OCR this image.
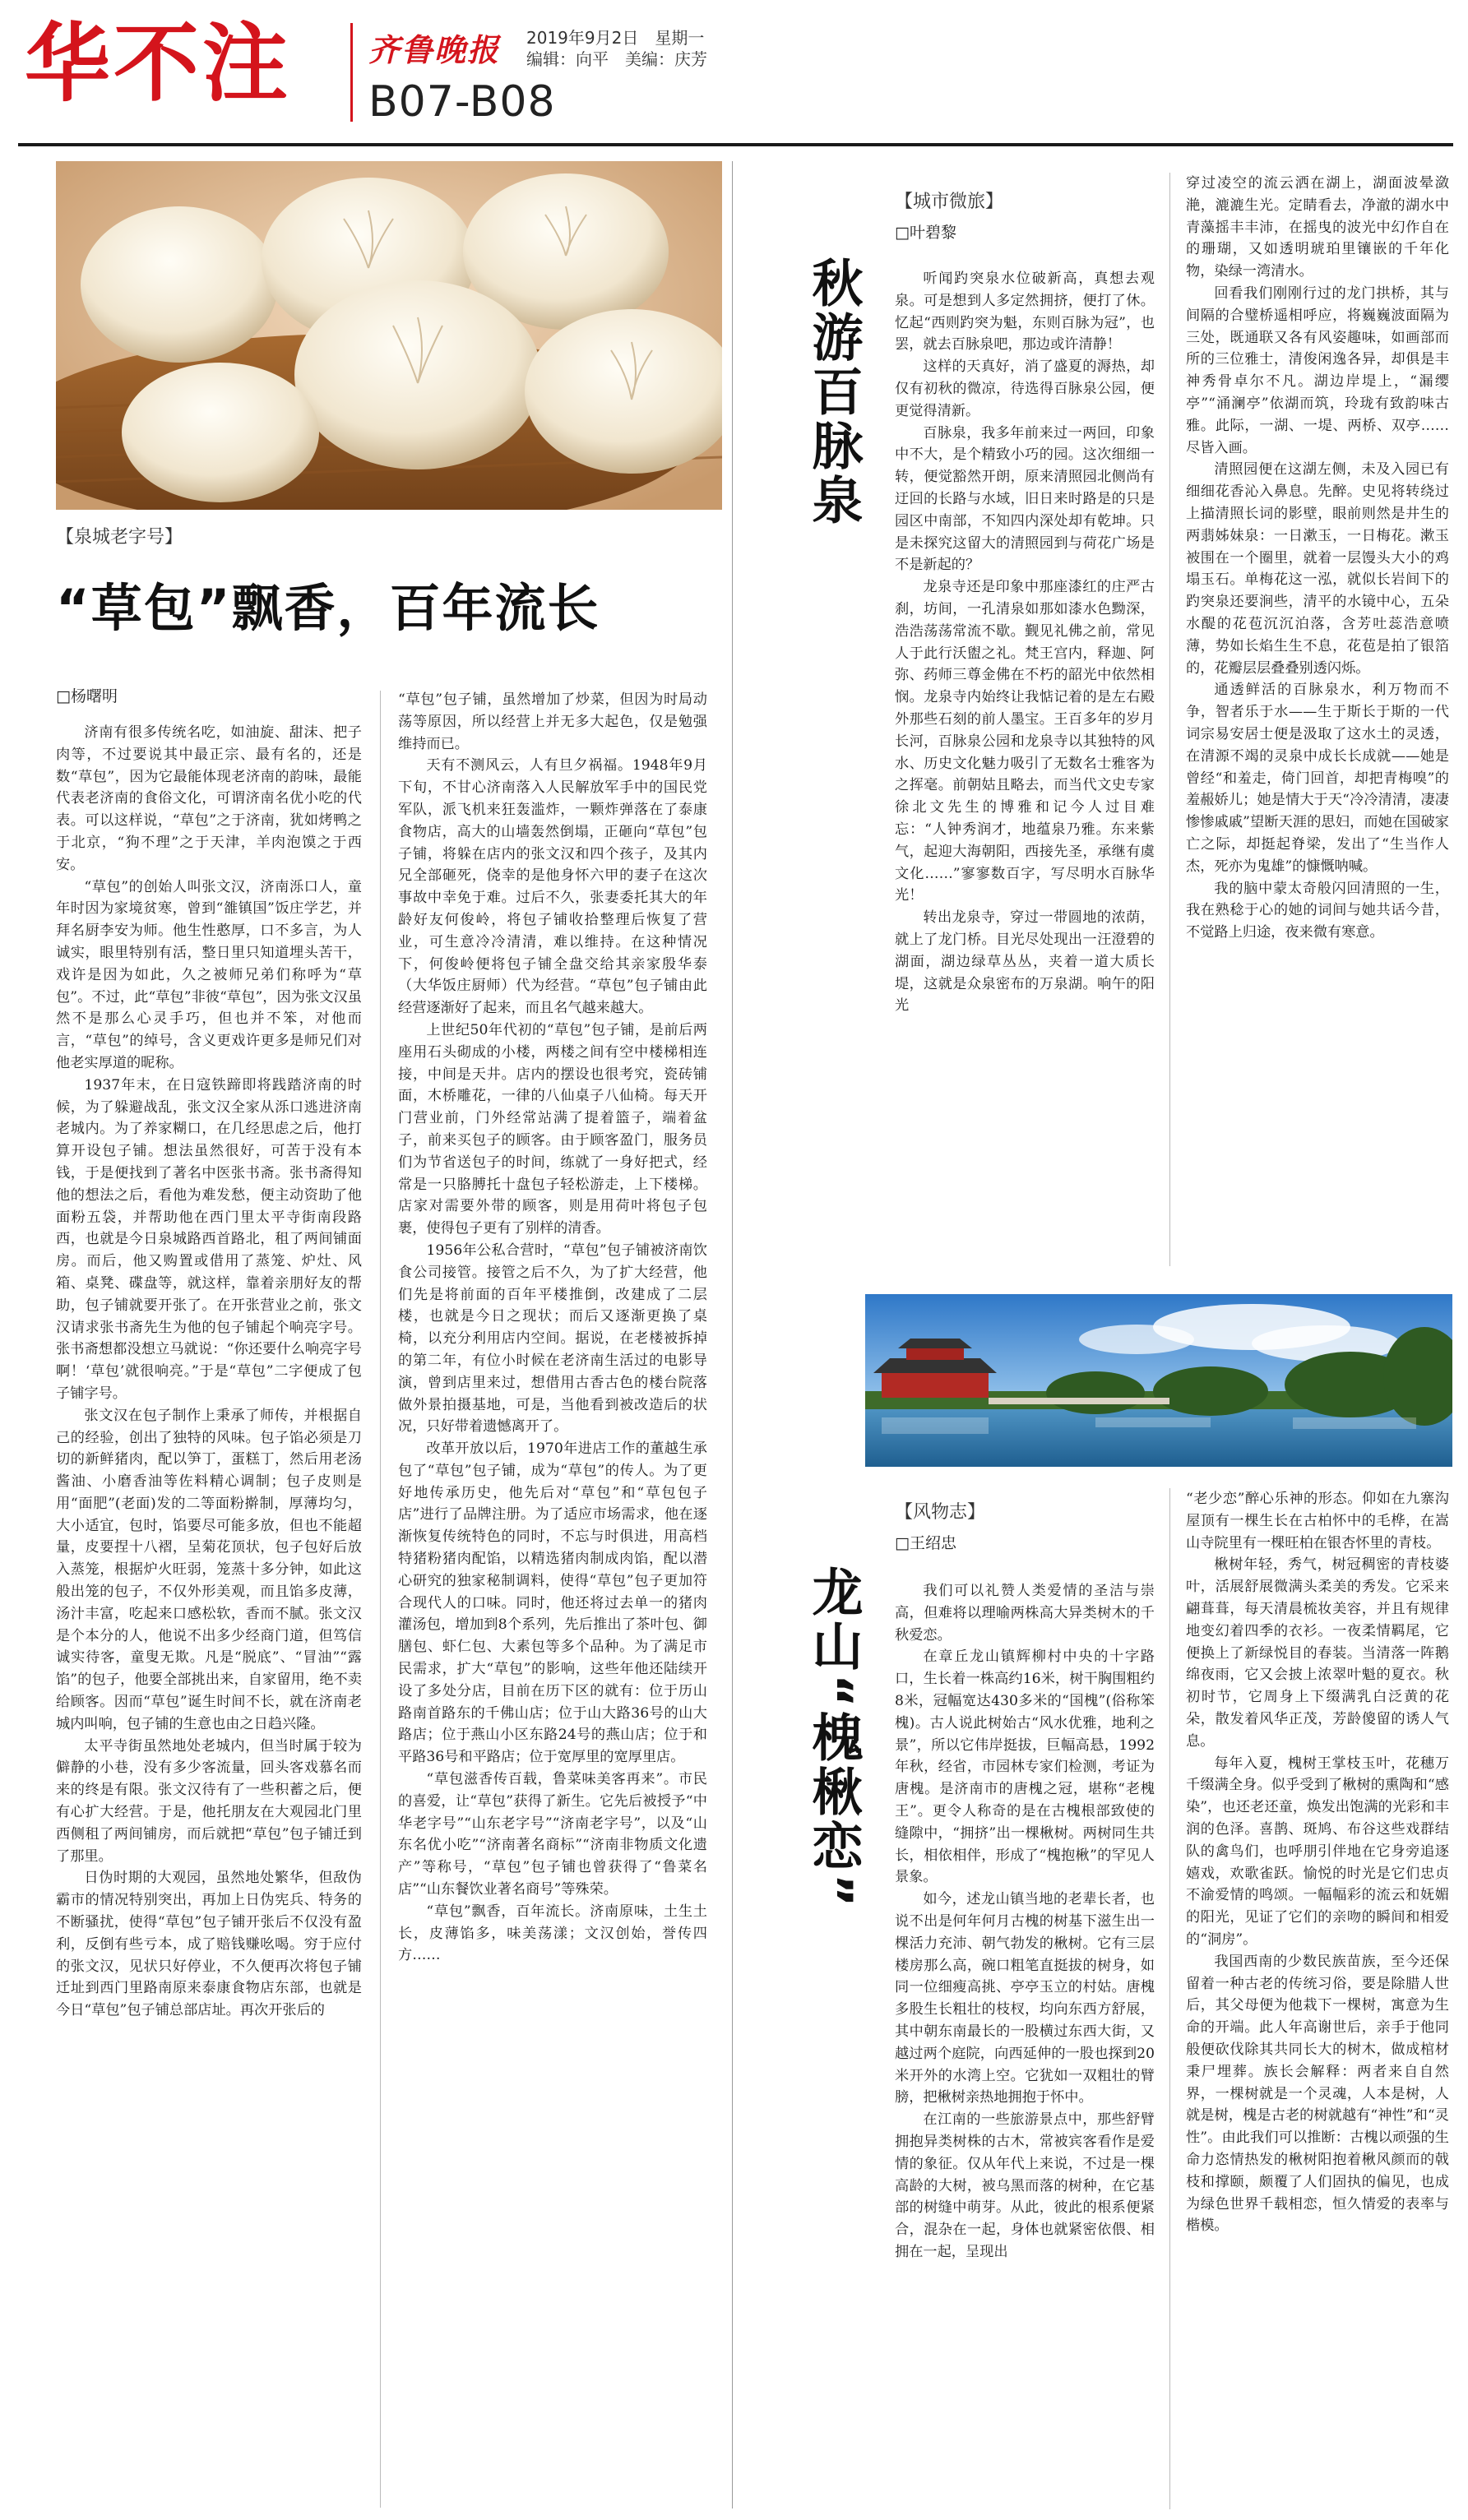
华不注 齐鲁晚报 2019年9月2日　星期一
编辑：向平　美编：庆芳
B07-B08
【泉城老字号】
“草包”飘香，百年流长
□杨曙明

济南有很多传统名吃，如油旋、甜沫、把子肉等，不过要说其中最正宗、最有名的，还是数“草包”，因为它最能体现老济南的韵味，最能代表老济南的食俗文化，可谓济南名优小吃的代表。可以这样说，“草包”之于济南，犹如烤鸭之于北京，“狗不理”之于天津，羊肉泡馍之于西安。

“草包”的创始人叫张文汉，济南泺口人，童年时因为家境贫寒，曾到“雒镇国”饭庄学艺，并拜名厨李安为师。他生性憨厚，口不多言，为人诚实，眼里特别有活，整日里只知道埋头苦干，戏许是因为如此，久之被师兄弟们称呼为“草包”。不过，此“草包”非彼“草包”，因为张文汉虽然不是那么心灵手巧，但也并不笨，对他而言，“草包”的绰号，含义更戏许更多是师兄们对他老实厚道的昵称。

1937年末，在日寇铁蹄即将践踏济南的时候，为了躲避战乱，张文汉全家从泺口逃进济南老城内。为了养家糊口，在几经思虑之后，他打算开设包子铺。想法虽然很好，可苦于没有本钱，于是便找到了著名中医张书斋。张书斋得知他的想法之后，看他为难发愁，便主动资助了他面粉五袋，并帮助他在西门里太平寺街南段路西，也就是今日泉城路西首路北，租了两间铺面房。而后，他又购置或借用了蒸笼、炉灶、风箱、桌凳、碟盘等，就这样，靠着亲朋好友的帮助，包子铺就要开张了。在开张营业之前，张文汉请求张书斋先生为他的包子铺起个响亮字号。张书斋想都没想立马就说：“你还要什么响亮字号啊！‘草包’就很响亮。”于是“草包”二字便成了包子铺字号。

张文汉在包子制作上秉承了师传，并根据自己的经验，创出了独特的风味。包子馅必须是刀切的新鲜猪肉，配以笋丁，蛋糕丁，然后用老汤酱油、小磨香油等佐料精心调制；包子皮则是用“面肥”(老面)发的二等面粉擀制，厚薄均匀，大小适宜，包时，馅要尽可能多放，但也不能超量，皮要捏十八褶，呈菊花顶状，包子包好后放入蒸笼，根据炉火旺弱，笼蒸十多分钟，如此这般出笼的包子，不仅外形美观，而且馅多皮薄，汤汁丰富，吃起来口感松软，香而不腻。张文汉是个本分的人，他说不出多少经商门道，但笃信诚实待客，童叟无欺。凡是“脱底”、“冒油”“露馅”的包子，他要全部挑出来，自家留用，绝不卖给顾客。因而“草包”诞生时间不长，就在济南老城内叫响，包子铺的生意也由之日趋兴隆。

太平寺街虽然地处老城内，但当时属于较为僻静的小巷，没有多少客流量，回头客戏慕名而来的终是有限。张文汉待有了一些积蓄之后，便有心扩大经营。于是，他托朋友在大观园北门里西侧租了两间铺房，而后就把“草包”包子铺迁到了那里。

日伪时期的大观园，虽然地处繁华，但敌伪霸市的情况特别突出，再加上日伪宪兵、特务的不断骚扰，使得“草包”包子铺开张后不仅没有盈利，反倒有些亏本，成了赔钱赚吆喝。穷于应付的张文汉，见状只好停业，不久便再次将包子铺迁址到西门里路南原来泰康食物店东部，也就是今日“草包”包子铺总部店址。再次开张后的

“草包”包子铺，虽然增加了炒菜，但因为时局动荡等原因，所以经营上并无多大起色，仅是勉强维持而已。

天有不测风云，人有旦夕祸福。1948年9月下旬，不甘心济南落入人民解放军手中的国民党军队，派飞机来狂轰滥炸，一颗炸弹落在了泰康食物店，高大的山墙轰然倒塌，正砸向“草包”包子铺，将躲在店内的张文汉和四个孩子，及其内兄全部砸死，侥幸的是他身怀六甲的妻子在这次事故中幸免于难。过后不久，张妻委托其大的年龄好友何俊岭，将包子铺收拾整理后恢复了营业，可生意冷冷清清，难以维持。在这种情况下，何俊岭便将包子铺全盘交给其亲家殷华泰（大华饭庄厨师）代为经营。“草包”包子铺由此经营逐渐好了起来，而且名气越来越大。

上世纪50年代初的“草包”包子铺，是前后两座用石头砌成的小楼，两楼之间有空中楼梯相连接，中间是天井。店内的摆设也很考究，瓷砖铺面，木桥雕花，一律的八仙桌子八仙椅。每天开门营业前，门外经常站满了提着篮子，端着盆子，前来买包子的顾客。由于顾客盈门，服务员们为节省送包子的时间，练就了一身好把式，经常是一只胳膊托十盘包子轻松游走，上下楼梯。店家对需要外带的顾客，则是用荷叶将包子包裹，使得包子更有了别样的清香。

1956年公私合营时，“草包”包子铺被济南饮食公司接管。接管之后不久，为了扩大经营，他们先是将前面的百年平楼推倒，改建成了二层楼，也就是今日之现状；而后又逐渐更换了桌椅，以充分利用店内空间。据说，在老楼被拆掉的第二年，有位小时候在老济南生活过的电影导演，曾到店里来过，想借用古香古色的楼台院落做外景拍摄基地，可是，当他看到被改造后的状况，只好带着遗憾离开了。

改革开放以后，1970年进店工作的董越生承包了“草包”包子铺，成为“草包”的传人。为了更好地传承历史，他先后对“草包”和“草包包子店”进行了品牌注册。为了适应市场需求，他在逐渐恢复传统特色的同时，不忘与时俱进，用高档特猪粉猪肉配馅，以精选猪肉制成肉馅，配以潜心研究的独家秘制调料，使得“草包”包子更加符合现代人的口味。同时，他还将过去单一的猪肉灌汤包，增加到8个系列，先后推出了茶叶包、御膳包、虾仁包、大素包等多个品种。为了满足市民需求，扩大“草包”的影响，这些年他还陆续开设了多处分店，目前在历下区的就有：位于历山路南首路东的千佛山店；位于山大路36号的山大路店；位于燕山小区东路24号的燕山店；位于和平路36号和平路店；位于宽厚里的宽厚里店。

“草包滋香传百载，鲁菜味美客再来”。市民的喜爱，让“草包”获得了新生。它先后被授予“中华老字号”“山东老字号”“济南老字号”，以及“山东名优小吃”“济南著名商标”“济南非物质文化遗产”等称号，“草包”包子铺也曾获得了“鲁菜名店”“山东餐饮业著名商号”等殊荣。

“草包”飘香，百年流长。济南原味，土生土长，皮薄馅多，味美荡漾；文汉创始，誉传四方……

秋游百脉泉
【城市微旅】
□叶碧黎

听闻趵突泉水位破新高，真想去观泉。可是想到人多定然拥挤，便打了休。忆起“西则趵突为魁，东则百脉为冠”，也罢，就去百脉泉吧，那边或许清静！

这样的天真好，消了盛夏的溽热，却仅有初秋的微凉，待选得百脉泉公园，便更觉得清新。

百脉泉，我多年前来过一两回，印象中不大，是个精致小巧的园。这次细细一转，便觉豁然开朗，原来清照园北侧尚有迂回的长路与水域，旧日来时路是的只是园区中南部，不知四内深处却有乾坤。只是未探究这留大的清照园到与荷花广场是不是新起的？

龙泉寺还是印象中那座漆红的庄严古刹，坊间，一孔清泉如那如漆水色黝深，浩浩荡荡常流不歇。觐见礼佛之前，常见人于此行沃盥之礼。梵王宫内，释迦、阿弥、药师三尊金佛在不朽的韶光中依然相悯。龙泉寺内始终让我惦记着的是左右殿外那些石刻的前人墨宝。王百多年的岁月长河，百脉泉公园和龙泉寺以其独特的风水、历史文化魅力吸引了无数名士雅客为之挥毫。前朝姑且略去，而当代文史专家徐北文先生的博雅和记今人过目难忘：“人钟秀润才，地蕴泉乃雅。东来紫气，起迎大海朝阳，西接先圣，承继有虞文化……”寥寥数百字，写尽明水百脉华光！

转出龙泉寺，穿过一带圆地的浓荫，就上了龙门桥。目光尽处现出一汪澄碧的湖面，湖边绿草丛丛，夹着一道大质长堤，这就是众泉密布的万泉湖。响午的阳光

穿过凌空的流云洒在湖上，湖面波晕潋滟，漉漉生光。定睛看去，净澈的湖水中青藻摇丰丰沛，在摇曳的波光中幻作自在的珊瑚，又如透明琥珀里镶嵌的千年化物，染绿一湾清水。

回看我们刚刚行过的龙门拱桥，其与间隔的合璧桥遥相呼应，将巍巍波面隔为三处，既通联又各有风姿趣味，如画部而所的三位雅士，清俊闲逸各异，却俱是丰神秀骨卓尔不凡。湖边岸堤上，“漏缨亭”“涌澜亭”依湖而筑，玲珑有致韵味古雅。此际，一湖、一堤、两桥、双亭……尽皆入画。

清照园便在这湖左侧，未及入园已有细细花香沁入鼻息。先醉。史见将转绕过上描清照长词的影壁，眼前则然是井生的两翡姊妹泉：一日漱玉，一日梅花。漱玉被围在一个圈里，就着一层馒头大小的鸡塌玉石。单梅花这一泓，就似长岩间下的趵突泉还要涧些，清平的水镜中心，五朵水醍的花苞沉沉泊落，含芳吐蕊浩意喷薄，势如长焰生生不息，花苞是拍了银箔的，花瓣层层叠叠别透闪烁。

通透鲜活的百脉泉水，利万物而不争，智者乐于水——生于斯长于斯的一代词宗易安居士便是汲取了这水土的灵透，在清源不竭的灵泉中成长长成就——她是曾经“和羞走，倚门回首，却把青梅嗅”的羞赧娇儿；她是情大于天“冷冷清清，凄凄惨惨戚戚”望断天涯的思妇，而她在国破家亡之际，却挺起脊梁，发出了“生当作人杰，死亦为鬼雄”的慷慨呐喊。

我的脑中蒙太奇般闪回清照的一生，我在熟稔于心的她的词间与她共话今昔，不觉路上归途，夜来微有寒意。

龙山“槐楸恋”
【风物志】
□王绍忠

我们可以礼赞人类爱情的圣洁与崇高，但难将以理喻两株高大异类树木的千秋爱恋。

在章丘龙山镇辉柳村中央的十字路口，生长着一株高约16米，树干胸围粗约8米，冠幅宽达430多米的“国槐”(俗称笨槐)。古人说此树始古“风水优雅，地利之景”，所以它伟岸挺拔，巨幅高悬，1992年秋，经省，市园林专家们检测，考证为唐槐。是济南市的唐槐之冠，堪称“老槐王”。更令人称奇的是在古槐根部致使的缝隙中，“拥挤”出一棵楸树。两树同生共长，相依相伴，形成了“槐抱楸”的罕见人景象。

如今，述龙山镇当地的老辈长者，也说不出是何年何月古槐的树基下滋生出一棵活力充沛、朝气勃发的楸树。它有三层楼房那么高，碗口粗笔直挺拔的树身，如同一位细瘦高挑、亭亭玉立的村姑。唐槐多股生长粗壮的枝杈，均向东西方舒展，其中朝东南最长的一股横过东西大街，又越过两个庭院，向西延伸的一股也探到20米开外的水湾上空。它犹如一双粗壮的臂膀，把楸树亲热地拥抱于怀中。

在江南的一些旅游景点中，那些舒臂拥抱异类树株的古木，常被宾客看作是爱情的象征。仅从年代上来说，不过是一棵高龄的大树，被乌黑而落的树种，在它基部的树缝中萌芽。从此，彼此的根系便紧合，混杂在一起，身体也就紧密依偎、相拥在一起，呈现出

“老少恋”醉心乐神的形态。仰如在九寨沟屋顶有一棵生长在古柏怀中的毛桦，在嵩山寺院里有一棵旺柏在银杏怀里的青枝。

楸树年轻，秀气，树冠稠密的青枝婆叶，活展舒展微满头柔美的秀发。它采来翩葺葺，每天清晨梳妆美容，并且有规律地变幻着四季的衣衫。一夜柔情羁尾，它便换上了新绿悦目的春装。当清落一阵鹅绵夜雨，它又会披上浓翠叶魁的夏衣。秋初时节，它周身上下缀满乳白泛黄的花朵，散发着风华正茂，芳龄傻留的诱人气息。

每年入夏，槐树王掌枝玉叶，花穗万千缀满全身。似乎受到了楸树的熏陶和“感染”，也还老还童，焕发出饱满的光彩和丰润的色泽。喜鹊、斑鸠、布谷这些戏群结队的禽鸟们，也呼朋引伴地在它身旁追逐嬉戏，欢歌雀跃。愉悦的时光是它们忠贞不渝爱情的鸣颂。一幅幅彩的流云和妩媚的阳光，见证了它们的亲吻的瞬间和相爱的“洞房”。

我国西南的少数民族苗族，至今还保留着一种古老的传统习俗，要是除腊人世后，其父母便为他栽下一棵树，寓意为生命的开端。此人年高谢世后，亲手于他同般便砍伐除其共同长大的树木，做成棺材秉尸埋葬。族长会解释：两者来自自然界，一棵树就是一个灵魂，人本是树，人就是树，槐是古老的树就越有“神性”和“灵性”。由此我们可以推断：古槐以顽强的生命力恣情热发的楸树阳抱着楸风颜而的戟枝和撑颐，颇覆了人们固执的偏见，也成为绿色世界千载相恋，恒久情爱的表率与楷模。
